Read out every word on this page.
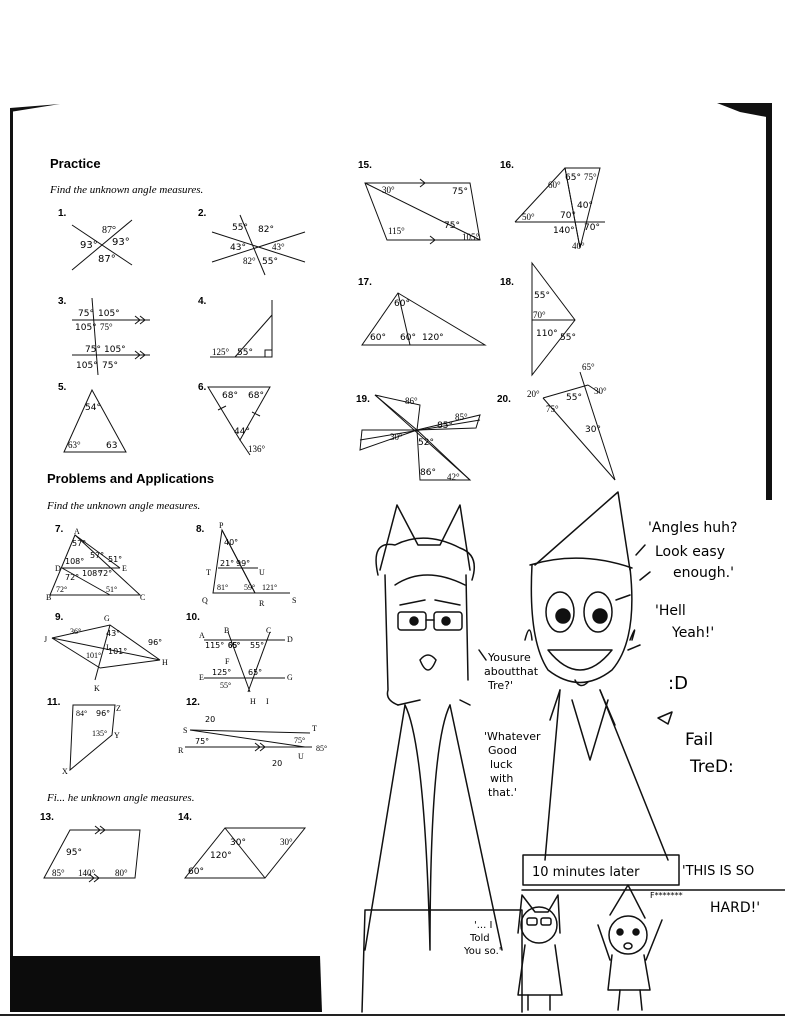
Practice
Find the unknown angle measures.
Problems and Applications
Find the unknown angle measures.
Fi... he unknown angle measures.
1.	2.
3.	4.
5.	6.
7.	8.
9.	10.
11.	12.
13.	14.
15.	16.
17.	18.
19.	20.
87°
93° 93°
87°
55° 82°
43°	43°
82° 55°
75° 105°
105° 75°
75° 105°
105° 75°
125° 55°
54°
63°	63
68° 68°
44°
136°
A
57°
108°
72°
D	E
B	C
72°	51°
57°
108°
72°
51°
P
T	U
Q	R	S
40°
59°
81°	121°
21° 99°
G
J
I
H
K
36°
101°
96°
43°
101°
A
B	C
D
E
F
G
H I
115° 65° 55°
125° 65°
55°
Z
Y
X
84° 96°
135°	S	T
R
U
20
75°
85°
20
75°
95°
85° 140° 80°
30°
30°
120°
60°
30°	75°
115°	75°
105°
60°
65° 75°
50°	70°
40°
140° 70°
40°
60°
60° 60° 120°
70°
55°
55°
110°
86°
85°
30°
52°
42°
86°
85°
65°
20°	30°
75°
55°
30°
'Angles huh?
Look easy
enough.'
'Hell
Yeah!'
:D
Fail
TreD:
Yousure
aboutthat
Tre?'
'Whatever
Good
luck
with
that.'
10 minutes later	'THIS IS SO
HARD!'
F*******
'... I
Told
You so.'
